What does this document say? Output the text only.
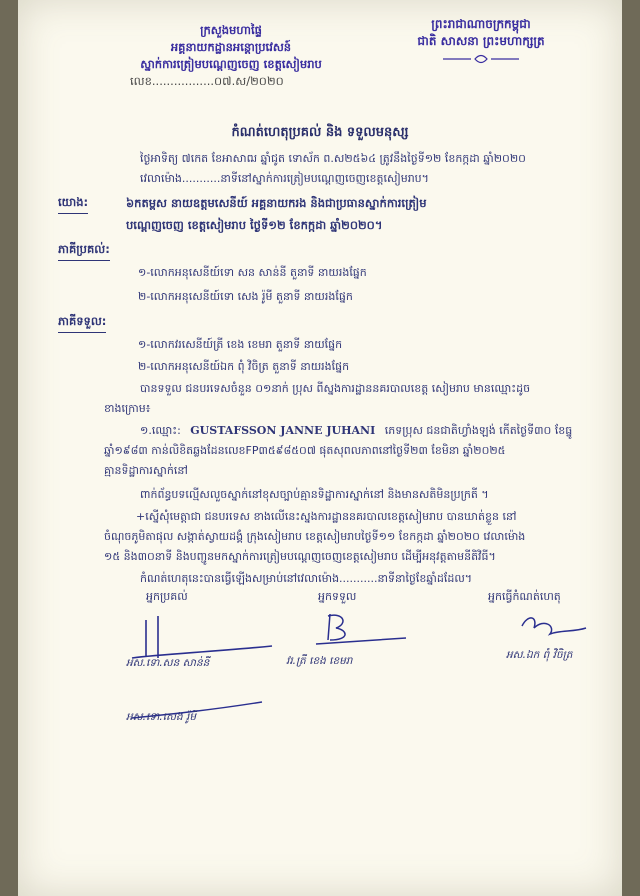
ក្រសួងមហាផ្ទៃ
អគ្គនាយកដ្ឋានអន្តោប្រវេសន៍
ស្នាក់ការត្រៀមបណ្តេញចេញ ខេត្តសៀមរាប
លេខ.................០៧.ស/២០២០
ព្រះរាជាណាចក្រកម្ពុជា
ជាតិ សាសនា ព្រះមហាក្សត្រ
កំណត់ហេតុប្រគល់ និង ទទួលមនុស្ស
ថ្ងៃអាទិត្យ ៧កេត ខែអាសាឍ ឆ្នាំជូត ទោស័ក ព.ស២៥៦៤ ត្រូវនឹងថ្ងៃទី១២ ខែកក្កដា ឆ្នាំ២០២០
វេលាម៉ោង...........នាទីនៅស្នាក់ការត្រៀមបណ្តេញចេញខេត្តសៀមរាប។
យោង:	៦កតម្ពស នាយឧត្តមសេនីយ៍ អគ្គនាយករង និងជាប្រធានស្នាក់ការត្រៀម
បណ្តេញចេញ ខេត្តសៀមរាប ថ្ងៃទី១២ ខែកក្កដា ឆ្នាំ២០២០។
ភាគីប្រគល់:
១-លោកអនុសេនីយ៍ទោ សន សាន់នី តួនាទី នាយរងផ្នែក
២-លោកអនុសេនីយ៍ទោ សេង រ៉ូមី តួនាទី នាយរងផ្នែក
ភាគីទទួល:
១-លោកវរសេនីយ៍ត្រី ខេង ខេមរា តួនាទី នាយផ្នែក
២-លោកអនុសេនីយ៍ឯក ពុំ វិចិត្រ តួនាទី នាយរងផ្នែក
បានទទួល ជនបរទេសចំនួន ០១នាក់ ប្រុស ពីស្នងការដ្ឋាននគរបាលខេត្ត សៀមរាប មានឈ្មោះដូច
ខាងក្រោម៖
១.ឈ្មោះ: GUSTAFSSON JANNE JUHANI ភេទប្រុស ជនជាតិហ្វាំងឡង់ កើតថ្ងៃទី៣០ ខែធ្នូ
ឆ្នាំ១៩៨៣ កាន់លិខិតឆ្លងដែនលេខFP៣៥៩៨៥០៧ ផុតសុពលភាពនៅថ្ងៃទី២៣ ខែមិនា ឆ្នាំ២០២៥
គ្មានទិដ្ឋាការស្នាក់នៅ
ពាក់ព័ន្ធបទល្មើសលួចស្នាក់នៅខុសច្បាប់គ្មានទិដ្ឋាការស្នាក់នៅ និងមានសតិមិនប្រក្រតី ។
+ស្នើសុំមេត្តាជា ជនបរទេស ខាងលើនេះស្នងការដ្ឋាននគរបាលខេត្តសៀមរាប បានឃាត់ខ្លួន នៅ
ចំណុចភូមិតាផុល សង្កាត់ស្វាយដង្គំ ក្រុងសៀមរាប ខេត្តសៀមរាបថ្ងៃទី១១ ខែកក្កដា ឆ្នាំ២០២០ វេលាម៉ោង
១៥ និង៣០នាទី និងបញ្ជូនមកស្នាក់ការត្រៀមបណ្តេញចេញខេត្តសៀមរាប ដើម្បីអនុវត្តតាមនីតិវិធី។
កំណត់ហេតុនេះបានធ្វើឡើងសម្រាប់នៅវេលាម៉ោង...........នាទីនាថ្ងៃខែឆ្នាំដដែល។
អ្នកប្រគល់	អ្នកទទួល	អ្នកធ្វើកំណត់ហេតុ
អស.ទោ.សន សាន់នី	វរ.ត្រី ខេង ខេមរា	អស.ឯក ពុំ វិចិត្រ
អស.ទោ.សេង រ៉ូមី
